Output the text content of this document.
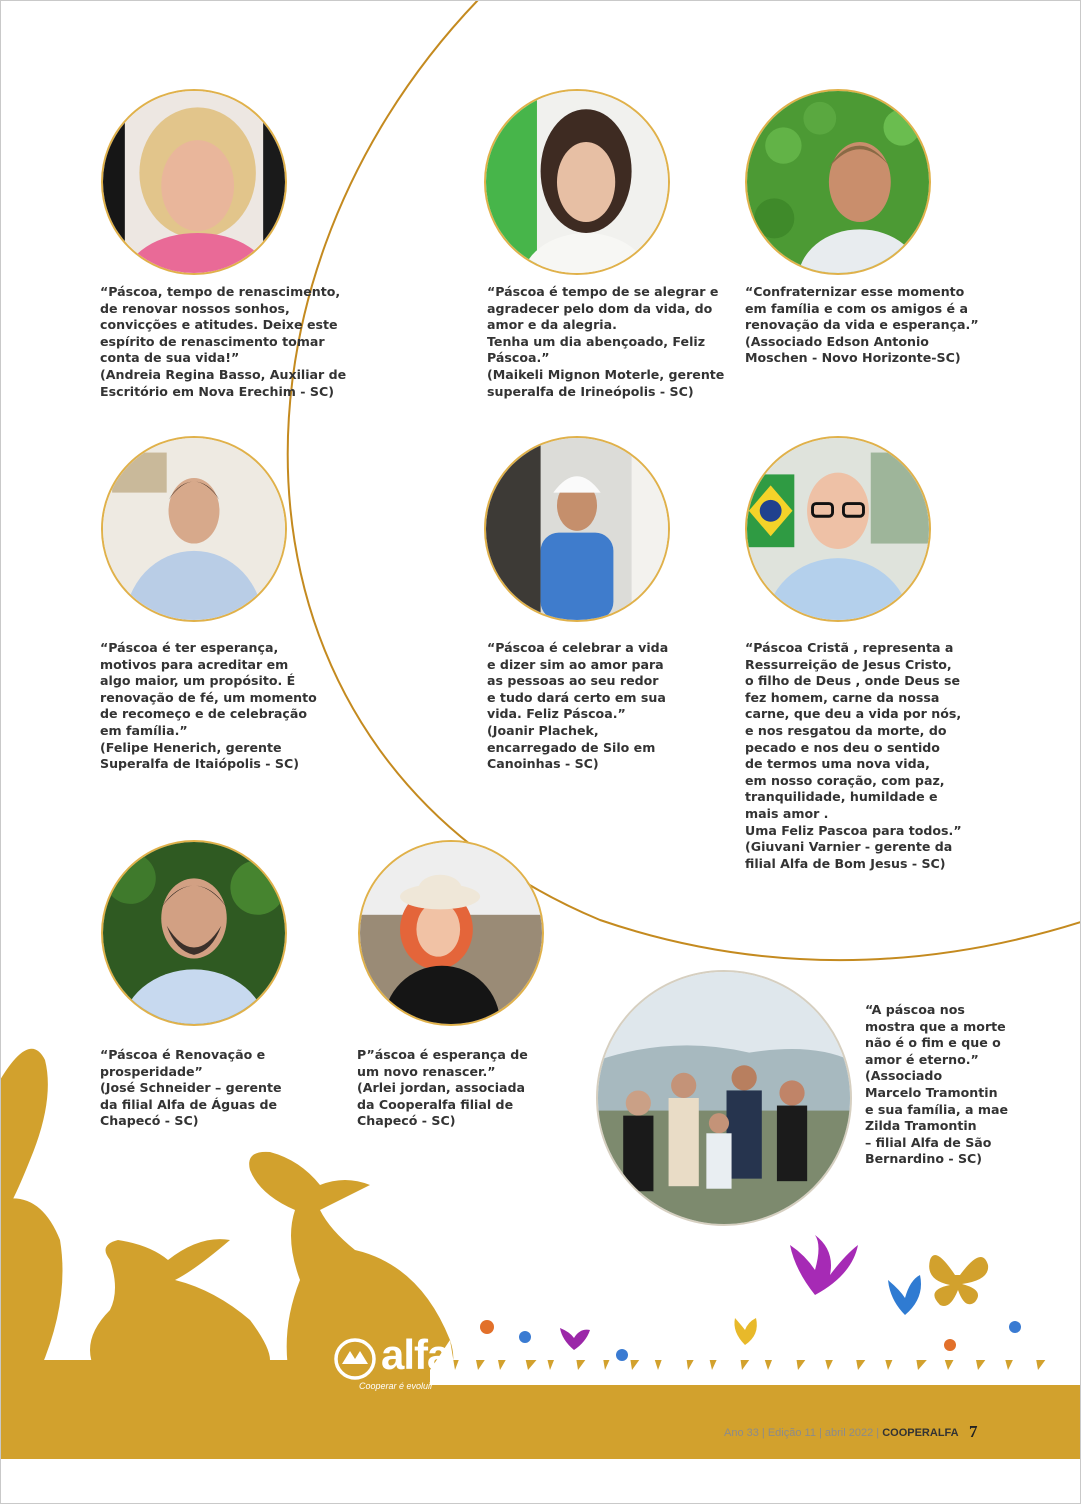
“Páscoa, tempo de renascimento,
de renovar nossos sonhos,
convicções e atitudes. Deixe este
espírito de renascimento tomar
conta de sua vida!”

(Andreia Regina Basso, Auxiliar de
Escritório em Nova Erechim - SC)

“Páscoa é tempo de se alegrar e
agradecer pelo dom da vida, do
amor e da alegria.
Tenha um dia abençoado, Feliz
Páscoa.”

(Maikeli Mignon Moterle, gerente
superalfa de Irineópolis - SC)

“Confraternizar esse momento
em família e com os amigos é a
renovação da vida e esperança.”

(Associado Edson Antonio
Moschen - Novo Horizonte-SC)

“Páscoa é ter esperança,
motivos para acreditar em
algo maior, um propósito. É
renovação de fé, um momento
de recomeço e de celebração
em família.”

(Felipe Henerich, gerente
Superalfa de Itaiópolis - SC)

“Páscoa é celebrar a vida
e dizer sim ao amor para
as pessoas ao seu redor
e tudo dará certo em sua
vida. Feliz Páscoa.”

(Joanir Plachek,
encarregado de Silo em
Canoinhas - SC)

“Páscoa Cristã , representa a
Ressurreição de Jesus Cristo,
o filho de Deus , onde Deus se
fez homem, carne da nossa
carne, que deu a vida por nós,
e nos resgatou da morte, do
pecado e nos deu o sentido
de termos uma nova vida,
em nosso coração, com paz,
tranquilidade, humildade e
mais amor .
Uma Feliz Pascoa para todos.”

(Giuvani Varnier - gerente da
filial Alfa de Bom Jesus - SC)

“Páscoa é Renovação e
prosperidade”

(José Schneider – gerente
da filial Alfa de Águas de
Chapecó - SC)

P”áscoa é esperança de
um novo renascer.”

(Arlei jordan, associada
da Cooperalfa filial de
Chapecó - SC)

“A páscoa nos
mostra que a morte
não é o fim e que o
amor é eterno.”

(Associado
Marcelo Tramontin
e sua família, a mae
Zilda Tramontin
– filial Alfa de São
Bernardino - SC)

alfa
Cooperar é evoluir
Ano 33 | Edição 11 | abril 2022 | COOPERALFA 7
